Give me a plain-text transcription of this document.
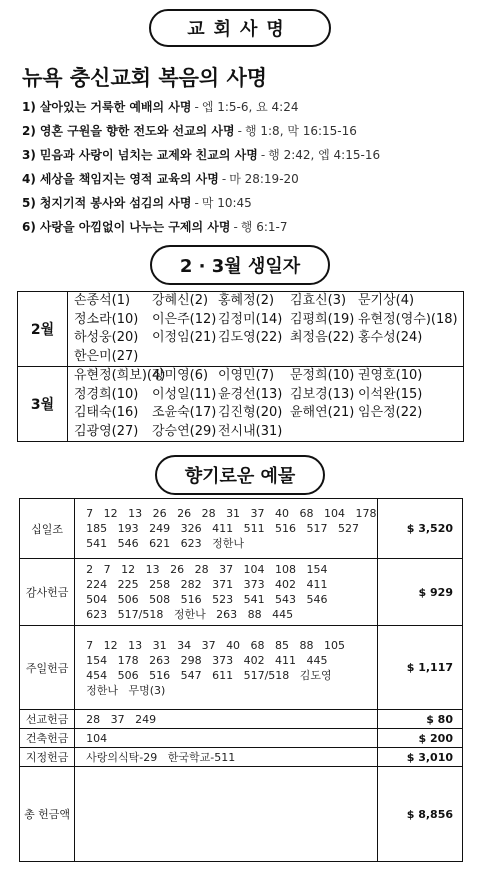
교회사명
뉴욕 충신교회 복음의 사명
1) 살아있는 거룩한 예배의 사명 - 엡 1:5-6, 요 4:24
2) 영혼 구원을 향한 전도와 선교의 사명 - 행 1:8, 막 16:15-16
3) 믿음과 사랑이 넘치는 교제와 친교의 사명 - 행 2:42, 엡 4:15-16
4) 세상을 책임지는 영적 교육의 사명 - 마 28:19-20
5) 청지기적 봉사와 섬김의 사명 - 막 10:45
6) 사랑을 아낌없이 나누는 구제의 사명 - 행 6:1-7
2 · 3월 생일자
2월	손종석(1) 강혜신(2) 홍혜정(2) 김효신(3) 문기상(4)
정소라(10) 이은주(12) 김정미(14) 김평희(19) 유현정(영수)(18)
하성웅(20) 이정임(21) 김도영(22) 최정음(22) 홍수성(24)
한은미(27)

3월	유현정(희보)(4)장미영(6) 이영민(7) 문정희(10) 권영호(10)
정경희(10) 이성일(11) 윤경선(13) 김보경(13) 이석완(15)
김태숙(16) 조윤숙(17) 김진형(20) 윤해연(21) 임은정(22)
김광영(27) 강승연(29) 전시내(31)
향기로운 예물
십일조	7   12   13   26   26   28   31   37   40   68   104   178
185   193   249   326   411   511   516   517   527
541   546   621   623   정한나	$ 3,520
감사헌금	2   7   12   13   26   28   37   104   108   154
224   225   258   282   371   373   402   411
504   506   508   516   523   541   543   546
623   517/518   정한나   263   88   445	$ 929
주일헌금	7   12   13   31   34   37   40   68   85   88   105
154   178   263   298   373   402   411   445
454   506   516   547   611   517/518   김도영
정한나   무명(3)	$ 1,117
선교헌금	28   37   249	$ 80
건축헌금	104	$ 200
지정헌금	사랑의식탁-29   한국학교-511	$ 3,010
총 헌금액		$ 8,856
